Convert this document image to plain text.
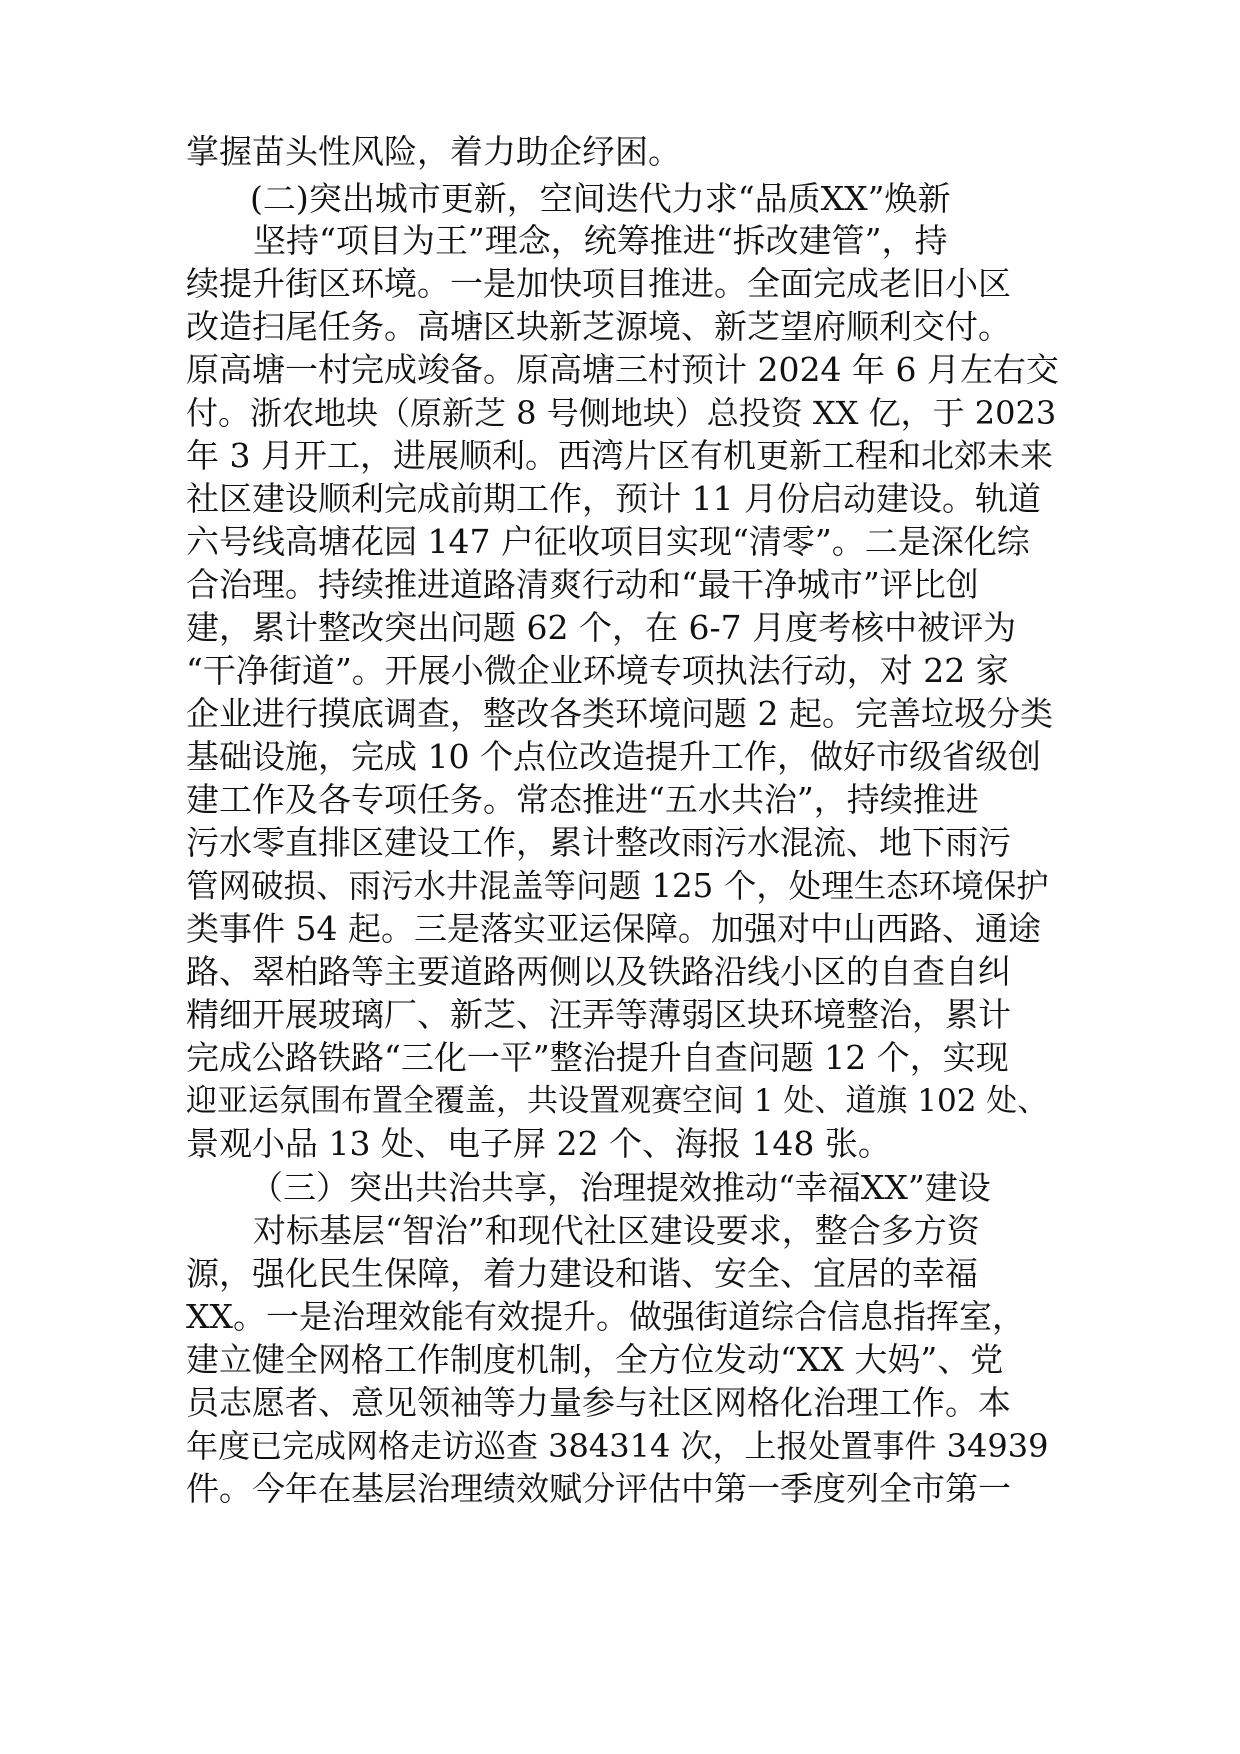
掌握苗头性风险，着力助企纾困。
(二)突出城市更新，空间迭代力求“品质XX”焕新
坚持“项目为王”理念，统筹推进“拆改建管”，持
续提升街区环境。一是加快项目推进。全面完成老旧小区
改造扫尾任务。高塘区块新芝源境、新芝望府顺利交付。
原高塘一村完成竣备。原高塘三村预计 2024 年 6 月左右交
付。浙农地块（原新芝 8 号侧地块）总投资 XX 亿，于 2023
年 3 月开工，进展顺利。西湾片区有机更新工程和北郊未来
社区建设顺利完成前期工作，预计 11 月份启动建设。轨道
六号线高塘花园 147 户征收项目实现“清零”。二是深化综
合治理。持续推进道路清爽行动和“最干净城市”评比创
建，累计整改突出问题 62 个，在 6-7 月度考核中被评为
“干净街道”。开展小微企业环境专项执法行动，对 22 家
企业进行摸底调查，整改各类环境问题 2 起。完善垃圾分类
基础设施，完成 10 个点位改造提升工作，做好市级省级创
建工作及各专项任务。常态推进“五水共治”，持续推进
污水零直排区建设工作，累计整改雨污水混流、地下雨污
管网破损、雨污水井混盖等问题 125 个，处理生态环境保护
类事件 54 起。三是落实亚运保障。加强对中山西路、通途
路、翠柏路等主要道路两侧以及铁路沿线小区的自查自纠
精细开展玻璃厂、新芝、汪弄等薄弱区块环境整治，累计
完成公路铁路“三化一平”整治提升自查问题 12 个，实现
迎亚运氛围布置全覆盖，共设置观赛空间 1 处、道旗 102 处、
景观小品 13 处、电子屏 22 个、海报 148 张。
（三）突出共治共享，治理提效推动“幸福XX”建设
对标基层“智治”和现代社区建设要求，整合多方资
源，强化民生保障，着力建设和谐、安全、宜居的幸福
XX。一是治理效能有效提升。做强街道综合信息指挥室，
建立健全网格工作制度机制，全方位发动“XX 大妈”、党
员志愿者、意见领袖等力量参与社区网格化治理工作。本
年度已完成网格走访巡查 384314 次，上报处置事件 34939
件。今年在基层治理绩效赋分评估中第一季度列全市第一
